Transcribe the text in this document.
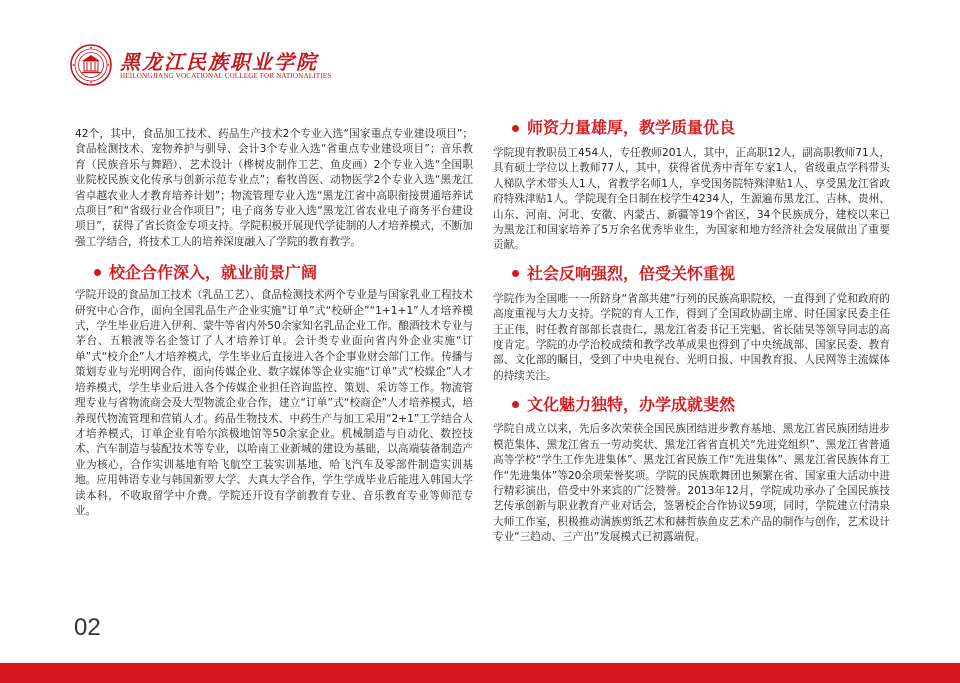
黑龙江民族职业学院
HEILONGJIANG VOCATIONAL COLLEGE FOR NATIONALITIES

42个，其中，食品加工技术、药品生产技术2个专业入选“国家重点专业建设项目”；食品检测技术、宠物养护与驯导、会计3个专业入选“省重点专业建设项目”；音乐教育（民族音乐与舞蹈）、艺术设计（桦树皮制作工艺、鱼皮画）2个专业入选“全国职业院校民族文化传承与创新示范专业点”；畜牧兽医、动物医学2个专业入选“黑龙江省卓越农业人才教育培养计划”；物流管理专业入选“黑龙江省中高职衔接贯通培养试点项目”和“省级行业合作项目”；电子商务专业入选“黑龙江省农业电子商务平台建设项目”，获得了省长资金专项支持。学院积极开展现代学徒制的人才培养模式，不断加强工学结合，将技术工人的培养深度融入了学院的教育教学。

校企合作深入，就业前景广阔

学院开设的食品加工技术（乳品工艺）、食品检测技术两个专业是与国家乳业工程技术研究中心合作，面向全国乳品生产企业实施“订单”式“校研企”“1+1+1”人才培养模式，学生毕业后进入伊利、蒙牛等省内外50余家知名乳品企业工作。酿酒技术专业与茅台、五粮液等名企签订了人才培养订单。会计类专业面向省内外企业实施“订单”式“校介企”人才培养模式，学生毕业后直接进入各个企事业财会部门工作。传播与策划专业与光明网合作，面向传媒企业、数字媒体等企业实施“订单”式“校媒企”人才培养模式，学生毕业后进入各个传媒企业担任咨询监控、策划、采访等工作。物流管理专业与省物流商会及大型物流企业合作，建立“订单”式“校商企”人才培养模式，培养现代物流管理和营销人才。药品生物技术、中药生产与加工采用“2+1”工学结合人才培养模式，订单企业有哈尔滨极地馆等50余家企业。机械制造与自动化、数控技术、汽车制造与装配技术等专业，以哈南工业新城的建设为基础，以高端装备制造产业为核心，合作实训基地有哈飞航空工装实训基地、哈飞汽车及零部件制造实训基地。应用韩语专业与韩国新罗大学、大真大学合作，学生学成毕业后能进入韩国大学读本科，不收取留学中介费。学院还开设有学前教育专业、音乐教育专业等师范专业。

师资力量雄厚，教学质量优良

学院现有教职员工454人，专任教师201人，其中，正高职12人，副高职教师71人，具有硕士学位以上教师77人，其中，获得省优秀中青年专家1人，省级重点学科带头人梯队学术带头人1人，省教学名师1人，享受国务院特殊津贴1人、享受黑龙江省政府特殊津贴1人。学院现有全日制在校学生4234人，生源遍布黑龙江、吉林、贵州、山东、河南、河北、安徽、内蒙古、新疆等19个省区，34个民族成分，建校以来已为黑龙江和国家培养了5万余名优秀毕业生，为国家和地方经济社会发展做出了重要贡献。

社会反响强烈，倍受关怀重视

学院作为全国唯一一所跻身“省部共建”行列的民族高职院校，一直得到了党和政府的高度重视与大力支持。学院的育人工作，得到了全国政协副主席、时任国家民委主任王正伟，时任教育部部长袁贵仁，黑龙江省委书记王宪魁、省长陆昊等领导同志的高度肯定。学院的办学治校成绩和教学改革成果也得到了中央统战部、国家民委、教育部、文化部的瞩目，受到了中央电视台、光明日报、中国教育报、人民网等主流媒体的持续关注。

文化魅力独特，办学成就斐然

学院自成立以来，先后多次荣获全国民族团结进步教育基地、黑龙江省民族团结进步模范集体、黑龙江省五一劳动奖状、黑龙江省省直机关“先进党组织”、黑龙江省普通高等学校“学生工作先进集体”、黑龙江省民族工作“先进集体”、黑龙江省民族体育工作“先进集体”等20余项荣誉奖项。学院的民族歌舞团也频繁在省、国家重大活动中进行精彩演出，倍受中外来宾的广泛赞誉。2013年12月，学院成功承办了全国民族技艺传承创新与职业教育产业对话会，签署校企合作协议59项，同时，学院建立付清泉大师工作室，积极推动满族剪纸艺术和赫哲族鱼皮艺术产品的制作与创作，艺术设计专业“三趋动、三产出”发展模式已初露端倪。

02
